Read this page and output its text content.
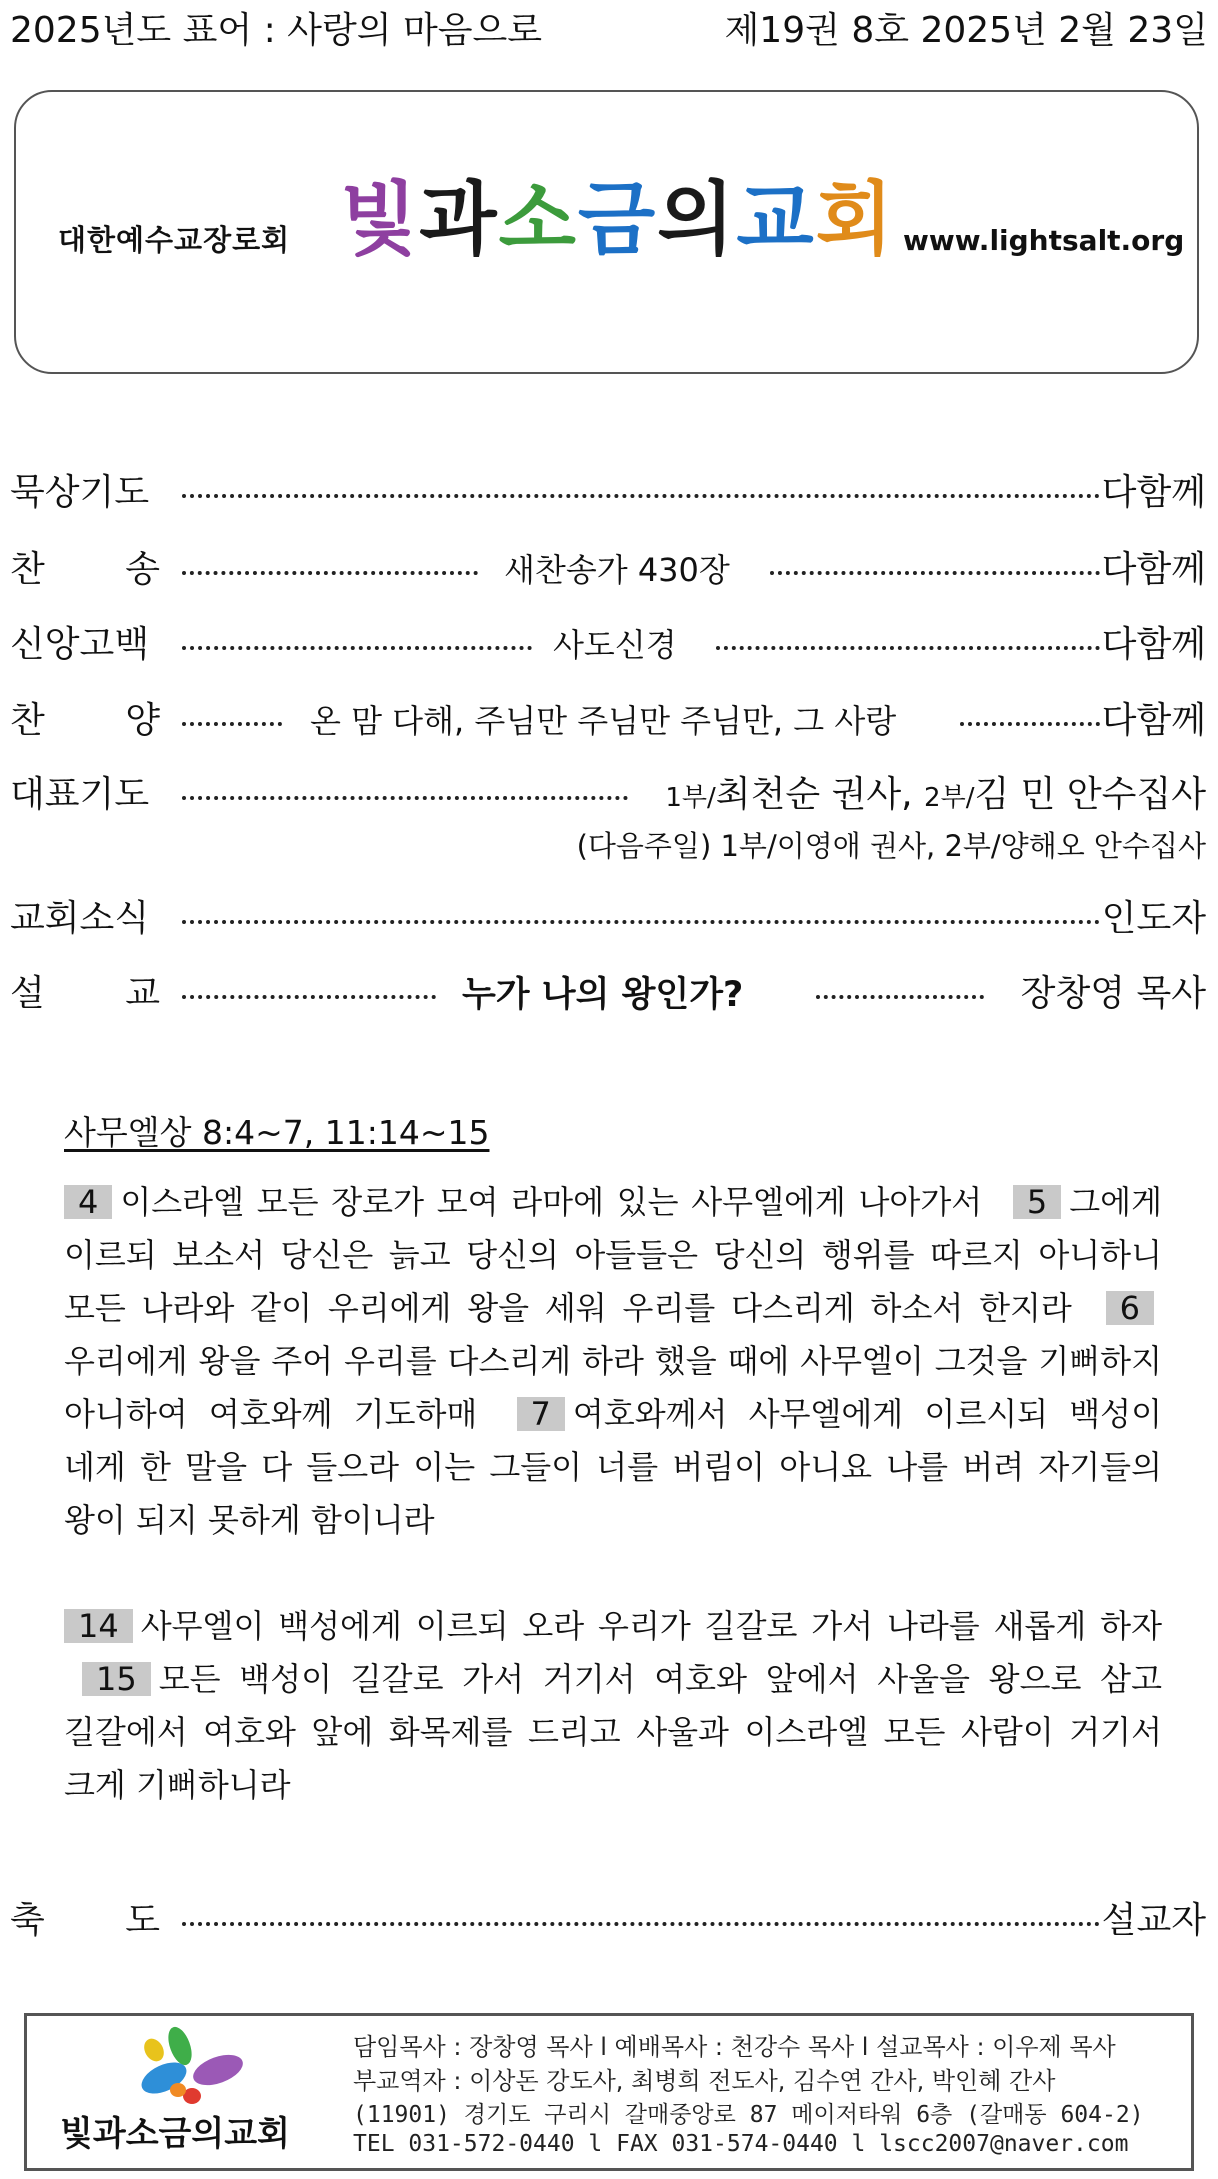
2025년도 표어 : 사랑의 마음으로	제19권 8호 2025년 2월 23일
대한예수교장로회 빛과소금의교회 www.lightsalt.org
묵상기도	다함께
찬 송	새찬송가 430장	다함께
신앙고백	사도신경	다함께
찬 양	온 맘 다해, 주님만 주님만 주님만, 그 사랑	다함께
대표기도	1부/최천순 권사, 2부/김 민 안수집사
(다음주일) 1부/이영애 권사, 2부/양해오 안수집사
교회소식	인도자
설 교	누가 나의 왕인가?	장창영 목사
사무엘상 8:4~7, 11:14~15
4 이스라엘 모든 장로가 모여 라마에 있는 사무엘에게 나아가서 5 그에게 이르되 보소서 당신은 늙고 당신의 아들들은 당신의 행위를 따르지 아니하니 모든 나라와 같이 우리에게 왕을 세워 우리를 다스리게 하소서 한지라 6우리에게 왕을 주어 우리를 다스리게 하라 했을 때에 사무엘이 그것을 기뻐하지 아니하여 여호와께 기도하매 7 여호와께서 사무엘에게 이르시되 백성이 네게 한 말을 다 들으라 이는 그들이 너를 버림이 아니요 나를 버려 자기들의 왕이 되지 못하게 함이니라
14 사무엘이 백성에게 이르되 오라 우리가 길갈로 가서 나라를 새롭게 하자 15 모든 백성이 길갈로 가서 거기서 여호와 앞에서 사울을 왕으로 삼고 길갈에서 여호와 앞에 화목제를 드리고 사울과 이스라엘 모든 사람이 거기서 크게 기뻐하니라
축 도	설교자
빛과소금의교회
담임목사 : 장창영 목사 l 예배목사 : 천강수 목사 l 설교목사 : 이우제 목사
부교역자 : 이상돈 강도사, 최병희 전도사, 김수연 간사, 박인혜 간사
(11901) 경기도 구리시 갈매중앙로 87 메이저타워 6층 (갈매동 604-2)
TEL 031-572-0440 l FAX 031-574-0440 l lscc2007@naver.com
